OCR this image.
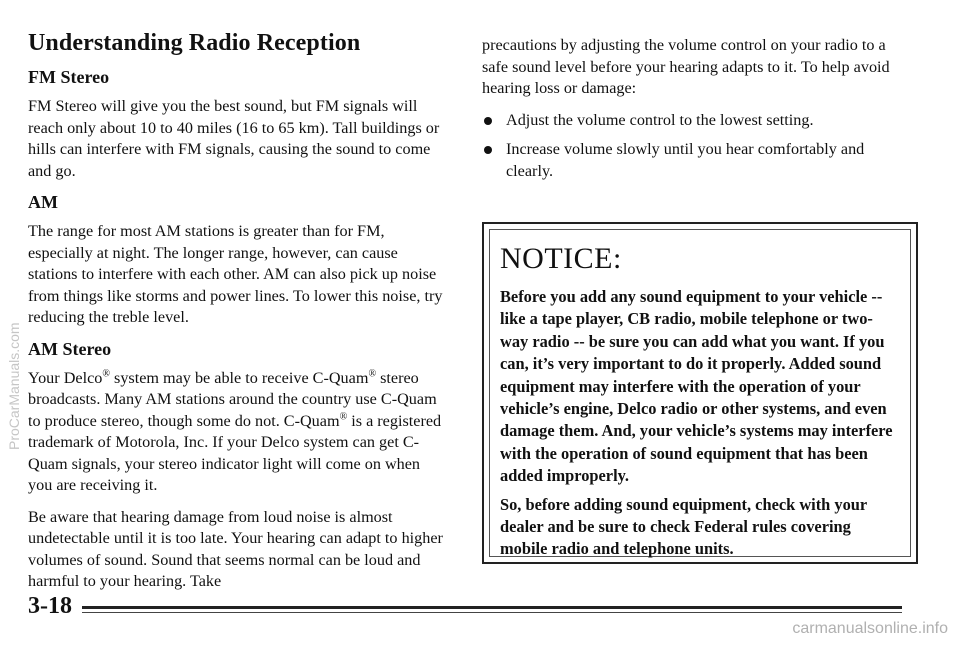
Understanding Radio Reception
FM Stereo

FM Stereo will give you the best sound, but FM signals will reach only about 10 to 40 miles (16 to 65 km). Tall buildings or hills can interfere with FM signals, causing the sound to come and go.

AM

The range for most AM stations is greater than for FM, especially at night. The longer range, however, can cause stations to interfere with each other. AM can also pick up noise from things like storms and power lines. To lower this noise, try reducing the treble level.

AM Stereo

Your Delco® system may be able to receive C-Quam® stereo broadcasts. Many AM stations around the country use C-Quam to produce stereo, though some do not. C-Quam® is a registered trademark of Motorola, Inc. If your Delco system can get C-Quam signals, your stereo indicator light will come on when you are receiving it.

Be aware that hearing damage from loud noise is almost undetectable until it is too late. Your hearing can adapt to higher volumes of sound. Sound that seems normal can be loud and harmful to your hearing. Take

precautions by adjusting the volume control on your radio to a safe sound level before your hearing adapts to it. To help avoid hearing loss or damage:

Adjust the volume control to the lowest setting.
Increase volume slowly until you hear comfortably and clearly.
NOTICE:

Before you add any sound equipment to your vehicle -- like a tape player, CB radio, mobile telephone or two-way radio -- be sure you can add what you want. If you can, it’s very important to do it properly. Added sound equipment may interfere with the operation of your vehicle’s engine, Delco radio or other systems, and even damage them. And, your vehicle’s systems may interfere with the operation of sound equipment that has been added improperly.

So, before adding sound equipment, check with your dealer and be sure to check Federal rules covering mobile radio and telephone units.

3-18
ProCarManuals.com
carmanualsonline.info
